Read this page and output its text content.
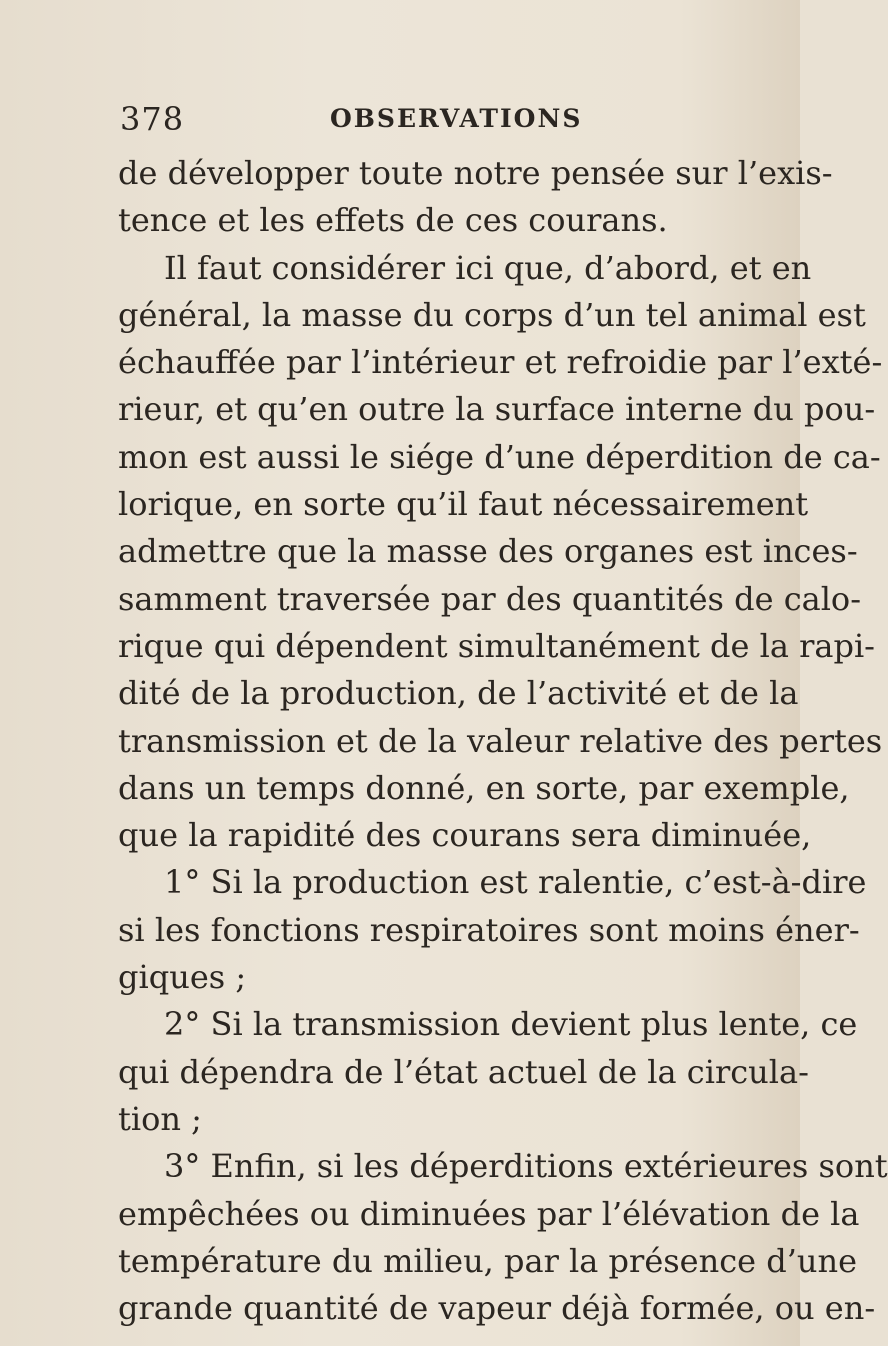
378	OBSERVATIONS
de développer toute notre pensée sur l’exis-
tence et les effets de ces courans.
Il faut considérer ici que, d’abord, et en
général, la masse du corps d’un tel animal est
échauffée par l’intérieur et refroidie par l’exté-
rieur, et qu’en outre la surface interne du pou-
mon est aussi le siége d’une déperdition de ca-
lorique, en sorte qu’il faut nécessairement
admettre que la masse des organes est inces-
samment traversée par des quantités de calo-
rique qui dépendent simultanément de la rapi-
dité de la production, de l’activité et de la
transmission et de la valeur relative des pertes
dans un temps donné, en sorte, par exemple,
que la rapidité des courans sera diminuée,
1° Si la production est ralentie, c’est-à-dire
si les fonctions respiratoires sont moins éner-
giques ;
2° Si la transmission devient plus lente, ce
qui dépendra de l’état actuel de la circula-
tion ;
3° Enfin, si les déperditions extérieures sont
empêchées ou diminuées par l’élévation de la
température du milieu, par la présence d’une
grande quantité de vapeur déjà formée, ou en-
